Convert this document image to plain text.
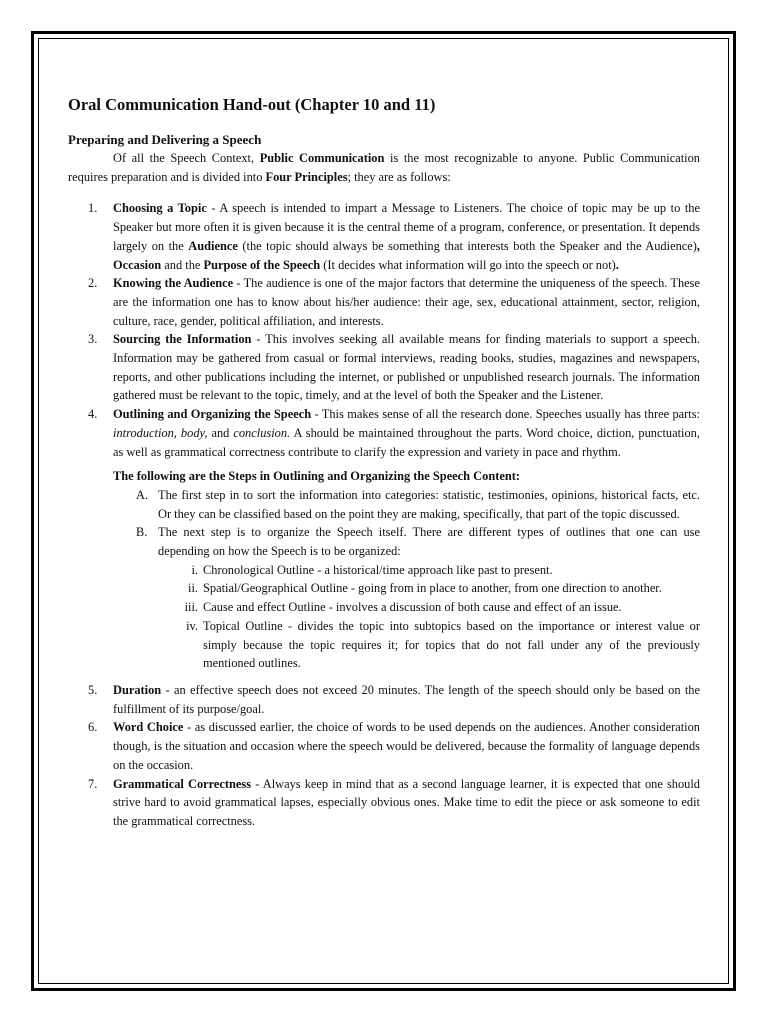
Oral Communication Hand-out (Chapter 10 and 11)
Preparing and Delivering a Speech

Of all the Speech Context, Public Communication is the most recognizable to anyone. Public Communication requires preparation and is divided into Four Principles; they are as follows:

1.	Choosing a Topic - A speech is intended to impart a Message to Listeners. The choice of topic may be up to the Speaker but more often it is given because it is the central theme of a program, conference, or presentation. It depends largely on the Audience (the topic should always be something that interests both the Speaker and the Audience), Occasion and the Purpose of the Speech (It decides what information will go into the speech or not).
2.	Knowing the Audience - The audience is one of the major factors that determine the uniqueness of the speech. These are the information one has to know about his/her audience: their age, sex, educational attainment, sector, religion, culture, race, gender, political affiliation, and interests.
3.	Sourcing the Information - This involves seeking all available means for finding materials to support a speech. Information may be gathered from casual or formal interviews, reading books, studies, magazines and newspapers, reports, and other publications including the internet, or published or unpublished research journals. The information gathered must be relevant to the topic, timely, and at the level of both the Speaker and the Listener.
4.	Outlining and Organizing the Speech - This makes sense of all the research done. Speeches usually has three parts: introduction, body, and conclusion. A should be maintained throughout the parts. Word choice, diction, punctuation, as well as grammatical correctness contribute to clarify the expression and variety in pace and rhythm.
The following are the Steps in Outlining and Organizing the Speech Content:
A. The first step in to sort the information into categories: statistic, testimonies, opinions, historical facts, etc. Or they can be classified based on the point they are making, specifically, that part of the topic discussed.
B. The next step is to organize the Speech itself. There are different types of outlines that one can use depending on how the Speech is to be organized:
i. Chronological Outline - a historical/time approach like past to present.
ii. Spatial/Geographical Outline - going from in place to another, from one direction to another.
iii. Cause and effect Outline - involves a discussion of both cause and effect of an issue.
iv. Topical Outline - divides the topic into subtopics based on the importance or interest value or simply because the topic requires it; for topics that do not fall under any of the previously mentioned outlines.
5.	Duration - an effective speech does not exceed 20 minutes. The length of the speech should only be based on the fulfillment of its purpose/goal.
6.	Word Choice - as discussed earlier, the choice of words to be used depends on the audiences. Another consideration though, is the situation and occasion where the speech would be delivered, because the formality of language depends on the occasion.
7.	Grammatical Correctness - Always keep in mind that as a second language learner, it is expected that one should strive hard to avoid grammatical lapses, especially obvious ones. Make time to edit the piece or ask someone to edit the grammatical correctness.
